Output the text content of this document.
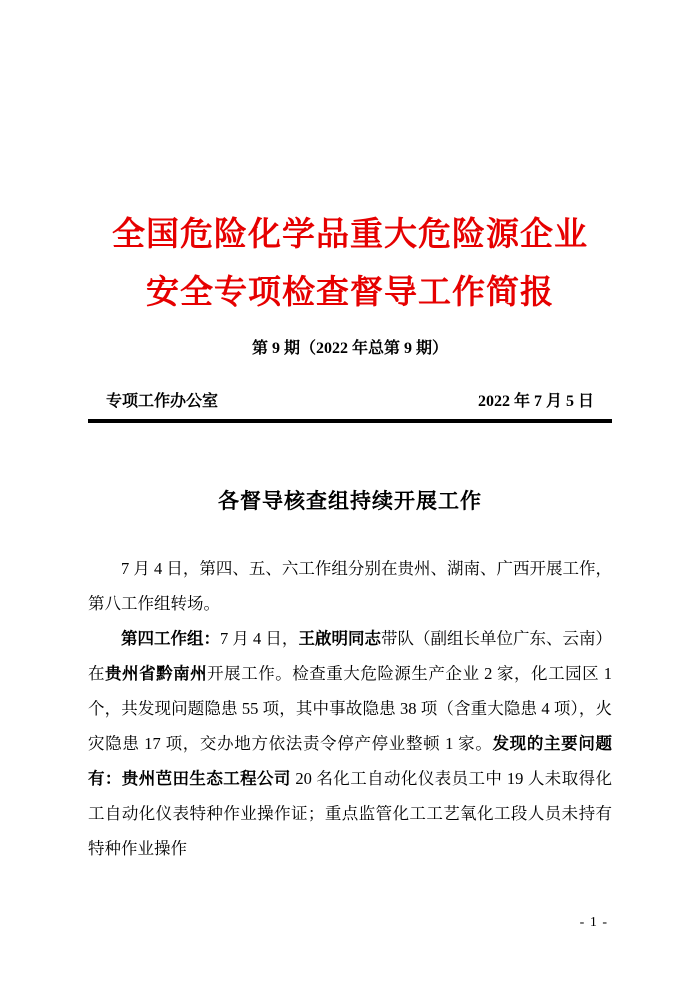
全国危险化学品重大危险源企业
安全专项检查督导工作简报
第 9 期（2022 年总第 9 期）
专项工作办公室	2022 年 7 月 5 日
各督导核查组持续开展工作

7 月 4 日，第四、五、六工作组分别在贵州、湖南、广西开展工作，第八工作组转场。

第四工作组：7 月 4 日，王啟明同志带队（副组长单位广东、云南）在贵州省黔南州开展工作。检查重大危险源生产企业 2 家，化工园区 1 个，共发现问题隐患 55 项，其中事故隐患 38 项（含重大隐患 4 项），火灾隐患 17 项，交办地方依法责令停产停业整顿 1 家。发现的主要问题有：贵州芭田生态工程公司 20 名化工自动化仪表员工中 19 人未取得化工自动化仪表特种作业操作证；重点监管化工工艺氧化工段人员未持有特种作业操作

- 1 -
